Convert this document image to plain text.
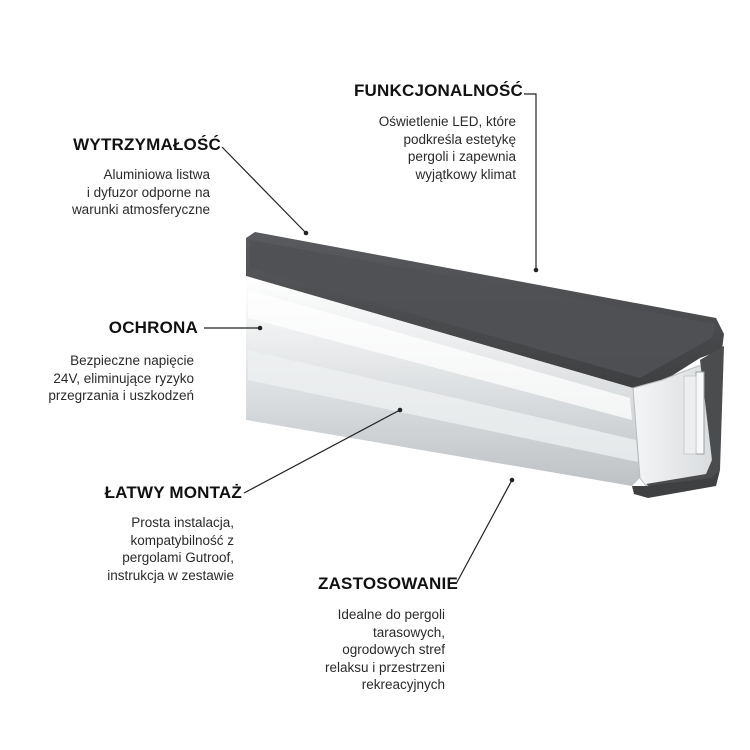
FUNKCJONALNOŚĆ
Oświetlenie LED, które
podkreśla estetykę
pergoli i zapewnia
wyjątkowy klimat
WYTRZYMAŁOŚĆ
Aluminiowa listwa
i dyfuzor odporne na
warunki atmosferyczne
OCHRONA
Bezpieczne napięcie
24V, eliminujące ryzyko
przegrzania i uszkodzeń
ŁATWY MONTAŻ
Prosta instalacja,
kompatybilność z
pergolami Gutroof,
instrukcja w zestawie	ZASTOSOWANIE
Idealne do pergoli
tarasowych,
ogrodowych stref
relaksu i przestrzeni
rekreacyjnych
